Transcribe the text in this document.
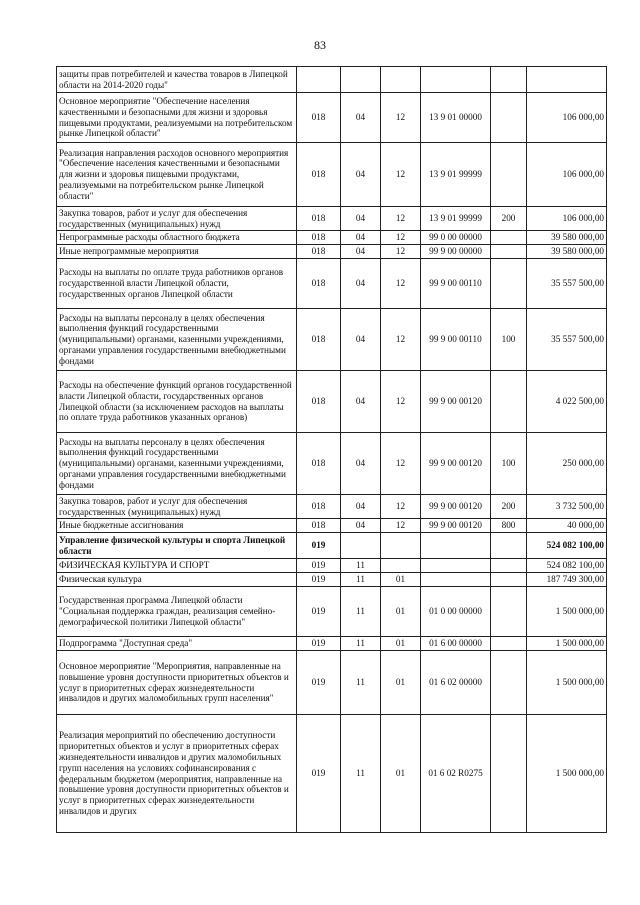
83
защиты прав потребителей и качества товаров в Липецкой области на 2014-2020 годы"						
Основное мероприятие "Обеспечение населения качественными и безопасными для жизни и здоровья пищевыми продуктами, реализуемыми на потребительском рынке Липецкой области"	018	04	12	13 9 01 00000		106 000,00
Реализация направления расходов основного мероприятия "Обеспечение населения качественными и безопасными для жизни и здоровья пищевыми продуктами, реализуемыми на потребительском рынке Липецкой области"	018	04	12	13 9 01 99999		106 000,00
Закупка товаров, работ и услуг для обеспечения государственных (муниципальных) нужд	018	04	12	13 9 01 99999	200	106 000,00
Непрограммные расходы областного бюджета	018	04	12	99 0 00 00000		39 580 000,00
Иные непрограммные мероприятия	018	04	12	99 9 00 00000		39 580 000,00
Расходы на выплаты по оплате труда работников органов государственной власти Липецкой области, государственных органов Липецкой области	018	04	12	99 9 00 00110		35 557 500,00
Расходы на выплаты персоналу в целях обеспечения выполнения функций государственными (муниципальными) органами, казенными учреждениями, органами управления государственными внебюджетными фондами	018	04	12	99 9 00 00110	100	35 557 500,00
Расходы на обеспечение функций органов государственной власти Липецкой области, государственных органов Липецкой области (за исключением расходов на выплаты по оплате труда работников указанных органов)	018	04	12	99 9 00 00120		4 022 500,00
Расходы на выплаты персоналу в целях обеспечения выполнения функций государственными (муниципальными) органами, казенными учреждениями, органами управления государственными внебюджетными фондами	018	04	12	99 9 00 00120	100	250 000,00
Закупка товаров, работ и услуг для обеспечения государственных (муниципальных) нужд	018	04	12	99 9 00 00120	200	3 732 500,00
Иные бюджетные ассигнования	018	04	12	99 9 00 00120	800	40 000,00
Управление физической культуры и спорта Липецкой области	019					524 082 100,00
ФИЗИЧЕСКАЯ КУЛЬТУРА И СПОРТ	019	11				524 082 100,00
Физическая культура	019	11	01			187 749 300,00
Государственная программа Липецкой области "Социальная поддержка граждан, реализация семейно-демографической политики Липецкой области"	019	11	01	01 0 00 00000		1 500 000,00
Подпрограмма "Доступная среда"	019	11	01	01 6 00 00000		1 500 000,00
Основное мероприятие "Мероприятия, направленные на повышение уровня доступности приоритетных объектов и услуг в приоритетных сферах жизнедеятельности инвалидов и других маломобильных групп населения"	019	11	01	01 6 02 00000		1 500 000,00
Реализация мероприятий по обеспечению доступности приоритетных объектов и услуг в приоритетных сферах жизнедеятельности инвалидов и других маломобильных групп населения на условиях софинансирования с федеральным бюджетом (мероприятия, направленные на повышение уровня доступности приоритетных объектов и услуг в приоритетных сферах жизнедеятельности инвалидов и других	019	11	01	01 6 02 R0275		1 500 000,00
